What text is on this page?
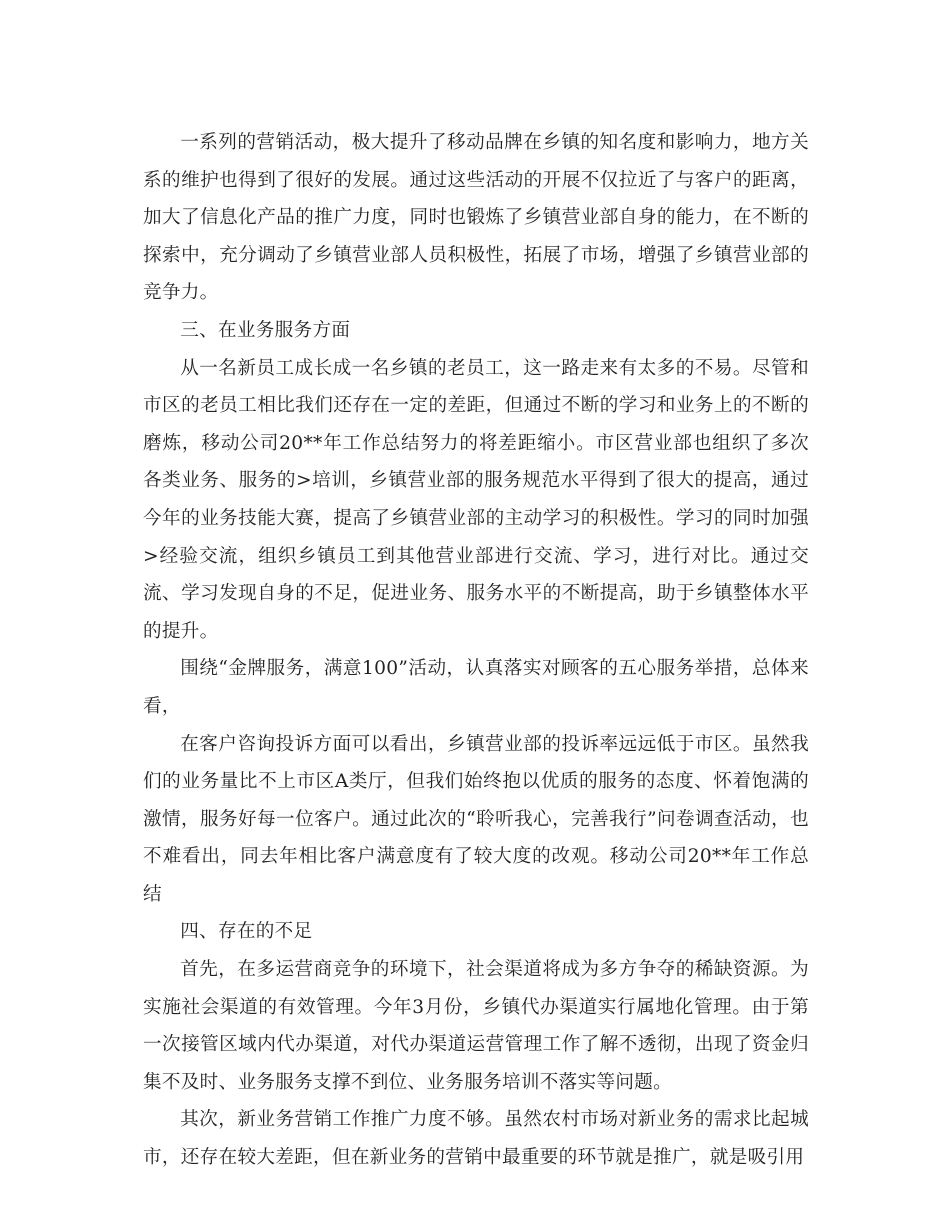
一系列的营销活动，极大提升了移动品牌在乡镇的知名度和影响力，地方关系的维护也得到了很好的发展。通过这些活动的开展不仅拉近了与客户的距离，加大了信息化产品的推广力度，同时也锻炼了乡镇营业部自身的能力，在不断的探索中，充分调动了乡镇营业部人员积极性，拓展了市场，增强了乡镇营业部的竞争力。

三、在业务服务方面

从一名新员工成长成一名乡镇的老员工，这一路走来有太多的不易。尽管和市区的老员工相比我们还存在一定的差距，但通过不断的学习和业务上的不断的磨炼，移动公司20**年工作总结努力的将差距缩小。市区营业部也组织了多次各类业务、服务的>培训，乡镇营业部的服务规范水平得到了很大的提高，通过今年的业务技能大赛，提高了乡镇营业部的主动学习的积极性。学习的同时加强>经验交流，组织乡镇员工到其他营业部进行交流、学习，进行对比。通过交流、学习发现自身的不足，促进业务、服务水平的不断提高，助于乡镇整体水平的提升。

围绕“金牌服务，满意100”活动，认真落实对顾客的五心服务举措，总体来看，

在客户咨询投诉方面可以看出，乡镇营业部的投诉率远远低于市区。虽然我们的业务量比不上市区A类厅，但我们始终抱以优质的服务的态度、怀着饱满的激情，服务好每一位客户。通过此次的“聆听我心，完善我行”问卷调查活动，也不难看出，同去年相比客户满意度有了较大度的改观。移动公司20**年工作总结

四、存在的不足

首先，在多运营商竞争的环境下，社会渠道将成为多方争夺的稀缺资源。为实施社会渠道的有效管理。今年3月份，乡镇代办渠道实行属地化管理。由于第一次接管区域内代办渠道，对代办渠道运营管理工作了解不透彻，出现了资金归集不及时、业务服务支撑不到位、业务服务培训不落实等问题。

其次，新业务营销工作推广力度不够。虽然农村市场对新业务的需求比起城市，还存在较大差距，但在新业务的营销中最重要的环节就是推广，就是吸引用
